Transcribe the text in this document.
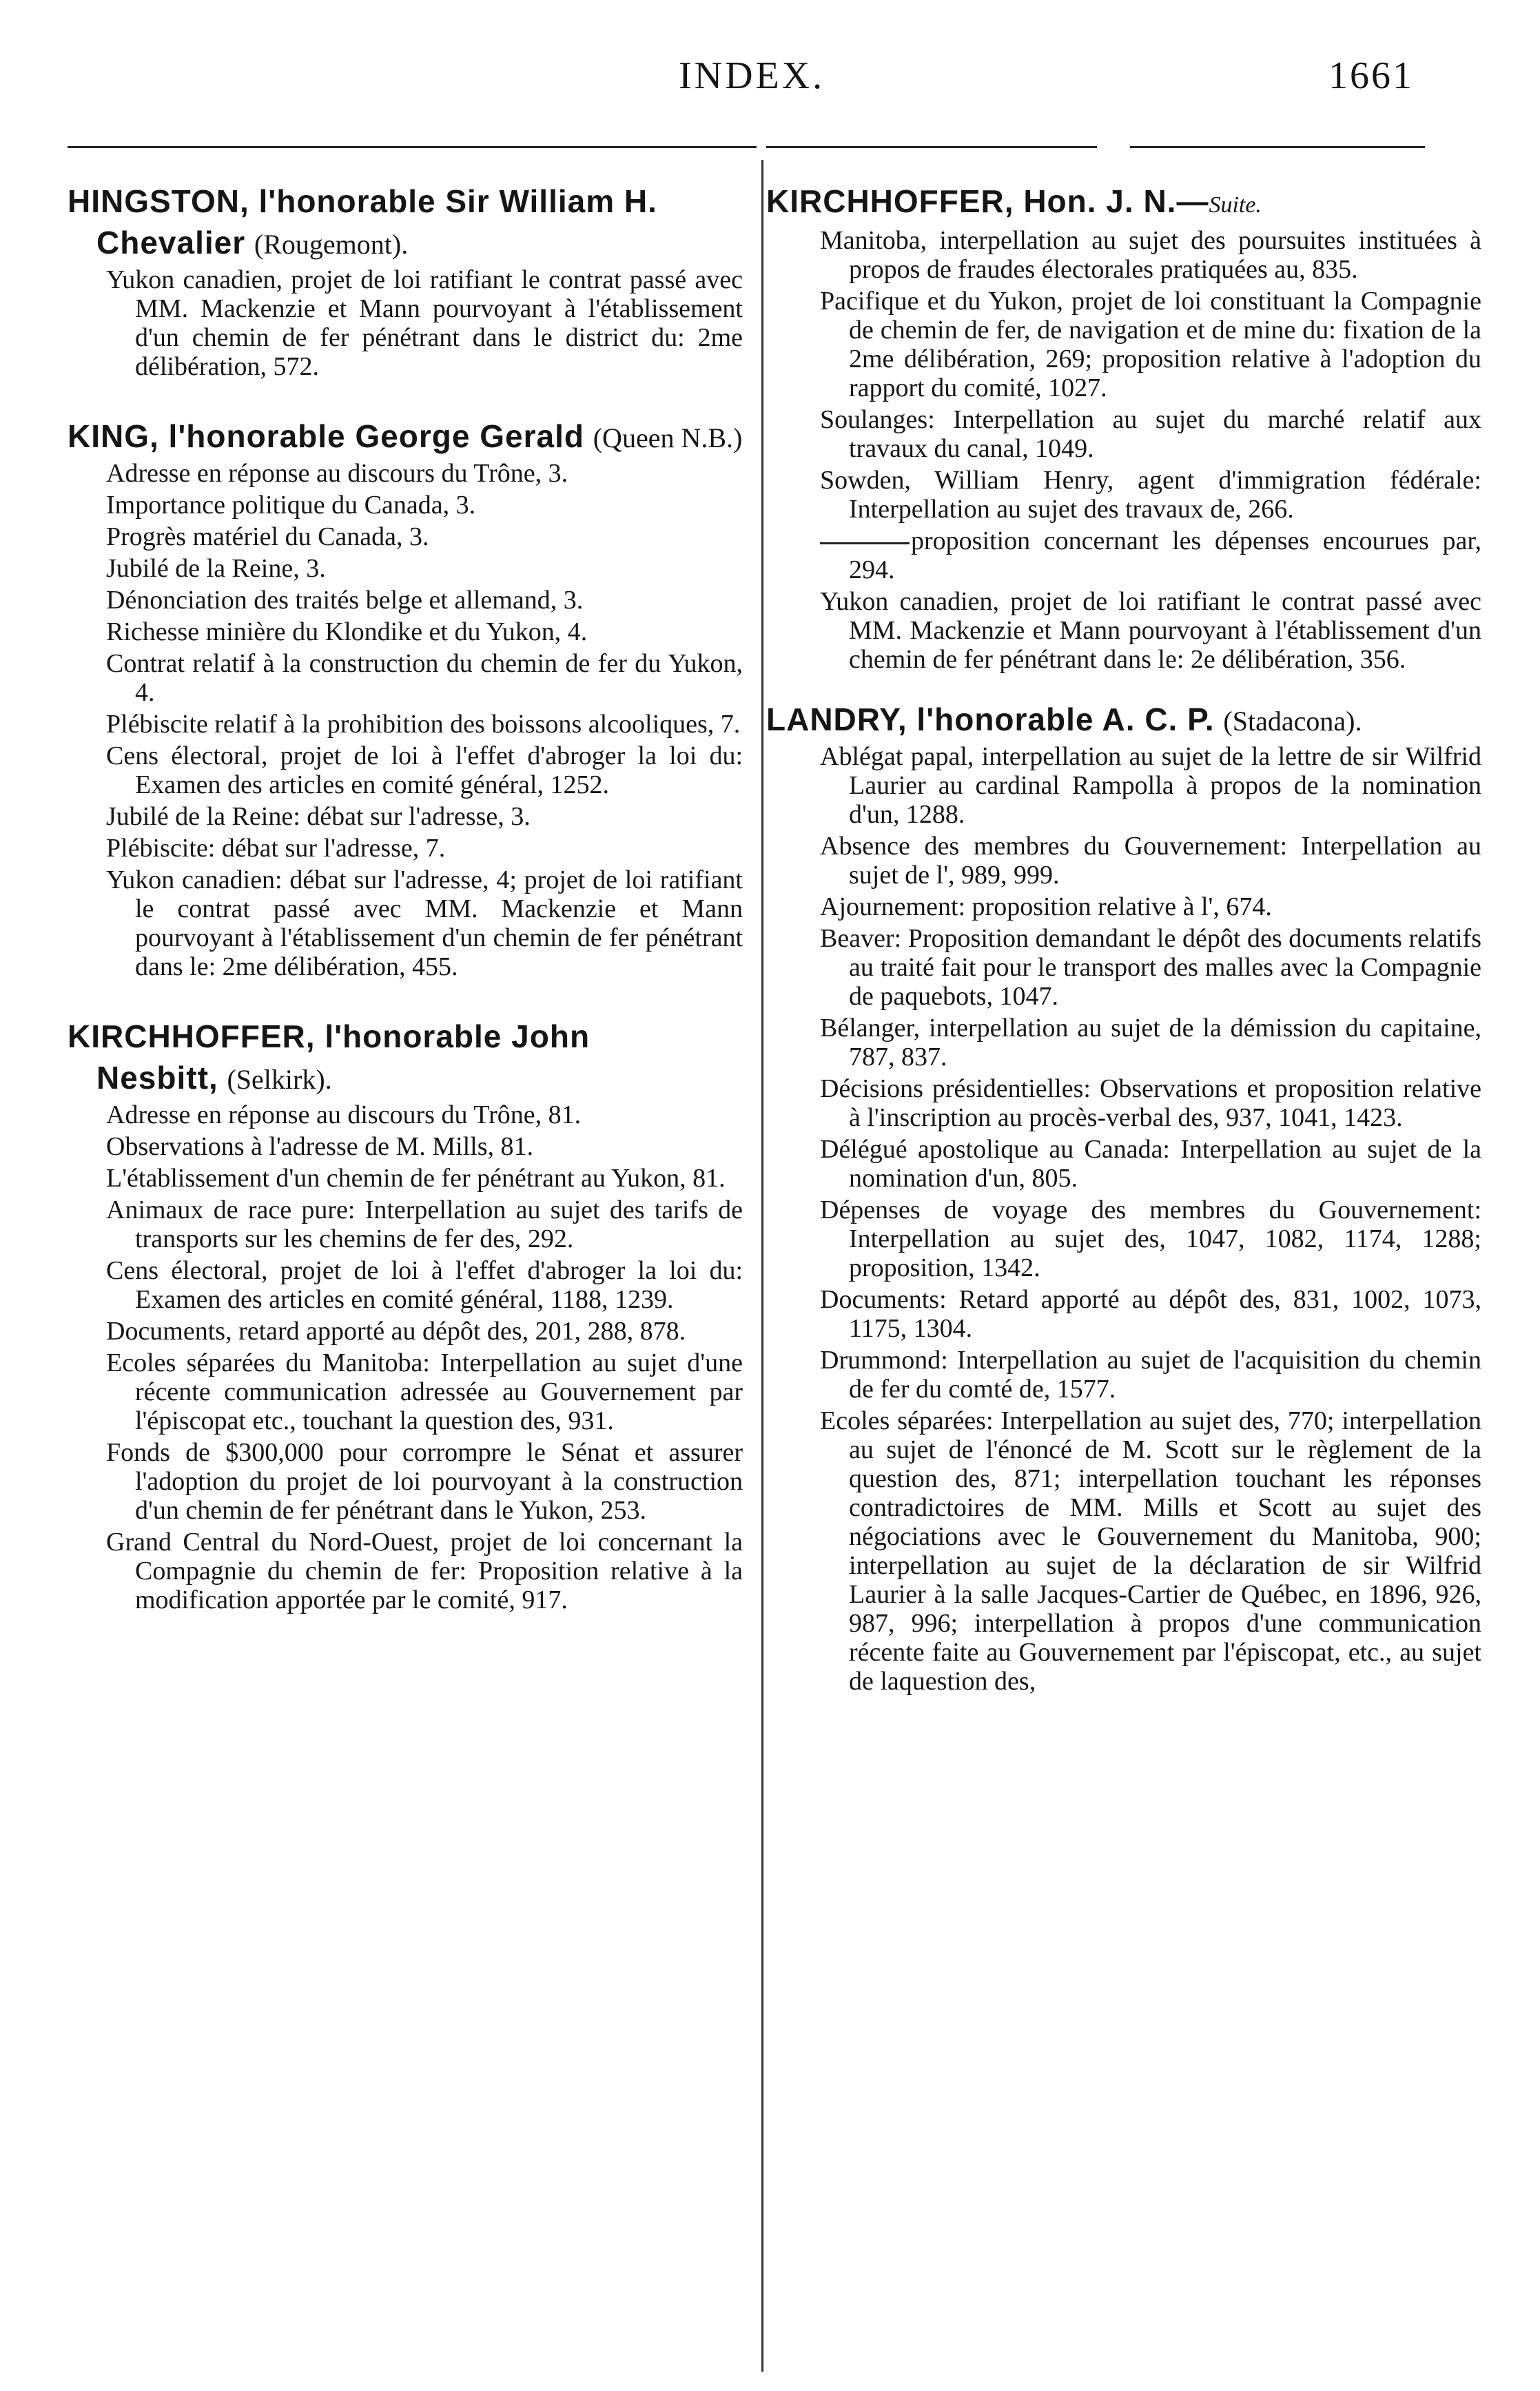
INDEX.	1661
HINGSTON, l'honorable Sir William H.
Chevalier (Rougemont).

Yukon canadien, projet de loi ratifiant le contrat passé avec MM. Mackenzie et Mann pourvoyant à l'établissement d'un chemin de fer pénétrant dans le district du: 2me délibération, 572.

KING, l'honorable George Gerald (Queen N.B.)

Adresse en réponse au discours du Trône, 3.

Importance politique du Canada, 3.

Progrès matériel du Canada, 3.

Jubilé de la Reine, 3.

Dénonciation des traités belge et allemand, 3.

Richesse minière du Klondike et du Yukon, 4.

Contrat relatif à la construction du chemin de fer du Yukon, 4.

Plébiscite relatif à la prohibition des boissons alcooliques, 7.

Cens électoral, projet de loi à l'effet d'abroger la loi du: Examen des articles en comité général, 1252.

Jubilé de la Reine: débat sur l'adresse, 3.

Plébiscite: débat sur l'adresse, 7.

Yukon canadien: débat sur l'adresse, 4; projet de loi ratifiant le contrat passé avec MM. Mackenzie et Mann pourvoyant à l'établissement d'un chemin de fer pénétrant dans le: 2me délibération, 455.

KIRCHHOFFER, l'honorable John
Nesbitt, (Selkirk).

Adresse en réponse au discours du Trône, 81.

Observations à l'adresse de M. Mills, 81.

L'établissement d'un chemin de fer pénétrant au Yukon, 81.

Animaux de race pure: Interpellation au sujet des tarifs de transports sur les chemins de fer des, 292.

Cens électoral, projet de loi à l'effet d'abroger la loi du: Examen des articles en comité général, 1188, 1239.

Documents, retard apporté au dépôt des, 201, 288, 878.

Ecoles séparées du Manitoba: Interpellation au sujet d'une récente communication adressée au Gouvernement par l'épiscopat etc., touchant la question des, 931.

Fonds de $300,000 pour corrompre le Sénat et assurer l'adoption du projet de loi pourvoyant à la construction d'un chemin de fer pénétrant dans le Yukon, 253.

Grand Central du Nord-Ouest, projet de loi concernant la Compagnie du chemin de fer: Proposition relative à la modification apportée par le comité, 917.

KIRCHHOFFER, Hon. J. N.—Suite.

Manitoba, interpellation au sujet des poursuites instituées à propos de fraudes électorales pratiquées au, 835.

Pacifique et du Yukon, projet de loi constituant la Compagnie de chemin de fer, de navigation et de mine du: fixation de la 2me délibération, 269; proposition relative à l'adoption du rapport du comité, 1027.

Soulanges: Interpellation au sujet du marché relatif aux travaux du canal, 1049.

Sowden, William Henry, agent d'immigration fédérale: Interpellation au sujet des travaux de, 266.

proposition concernant les dépenses encourues par, 294.

Yukon canadien, projet de loi ratifiant le contrat passé avec MM. Mackenzie et Mann pourvoyant à l'établissement d'un chemin de fer pénétrant dans le: 2e délibération, 356.

LANDRY, l'honorable A. C. P. (Stadacona).

Ablégat papal, interpellation au sujet de la lettre de sir Wilfrid Laurier au cardinal Rampolla à propos de la nomination d'un, 1288.

Absence des membres du Gouvernement: Interpellation au sujet de l', 989, 999.

Ajournement: proposition relative à l', 674.

Beaver: Proposition demandant le dépôt des documents relatifs au traité fait pour le transport des malles avec la Compagnie de paquebots, 1047.

Bélanger, interpellation au sujet de la démission du capitaine, 787, 837.

Décisions présidentielles: Observations et proposition relative à l'inscription au procès-verbal des, 937, 1041, 1423.

Délégué apostolique au Canada: Interpellation au sujet de la nomination d'un, 805.

Dépenses de voyage des membres du Gouvernement: Interpellation au sujet des, 1047, 1082, 1174, 1288; proposition, 1342.

Documents: Retard apporté au dépôt des, 831, 1002, 1073, 1175, 1304.

Drummond: Interpellation au sujet de l'acquisition du chemin de fer du comté de, 1577.

Ecoles séparées: Interpellation au sujet des, 770; interpellation au sujet de l'énoncé de M. Scott sur le règlement de la question des, 871; interpellation touchant les réponses contradictoires de MM. Mills et Scott au sujet des négociations avec le Gouvernement du Manitoba, 900; interpellation au sujet de la déclaration de sir Wilfrid Laurier à la salle Jacques-Cartier de Québec, en 1896, 926, 987, 996; interpellation à propos d'une communication récente faite au Gouvernement par l'épiscopat, etc., au sujet de laquestion des,
